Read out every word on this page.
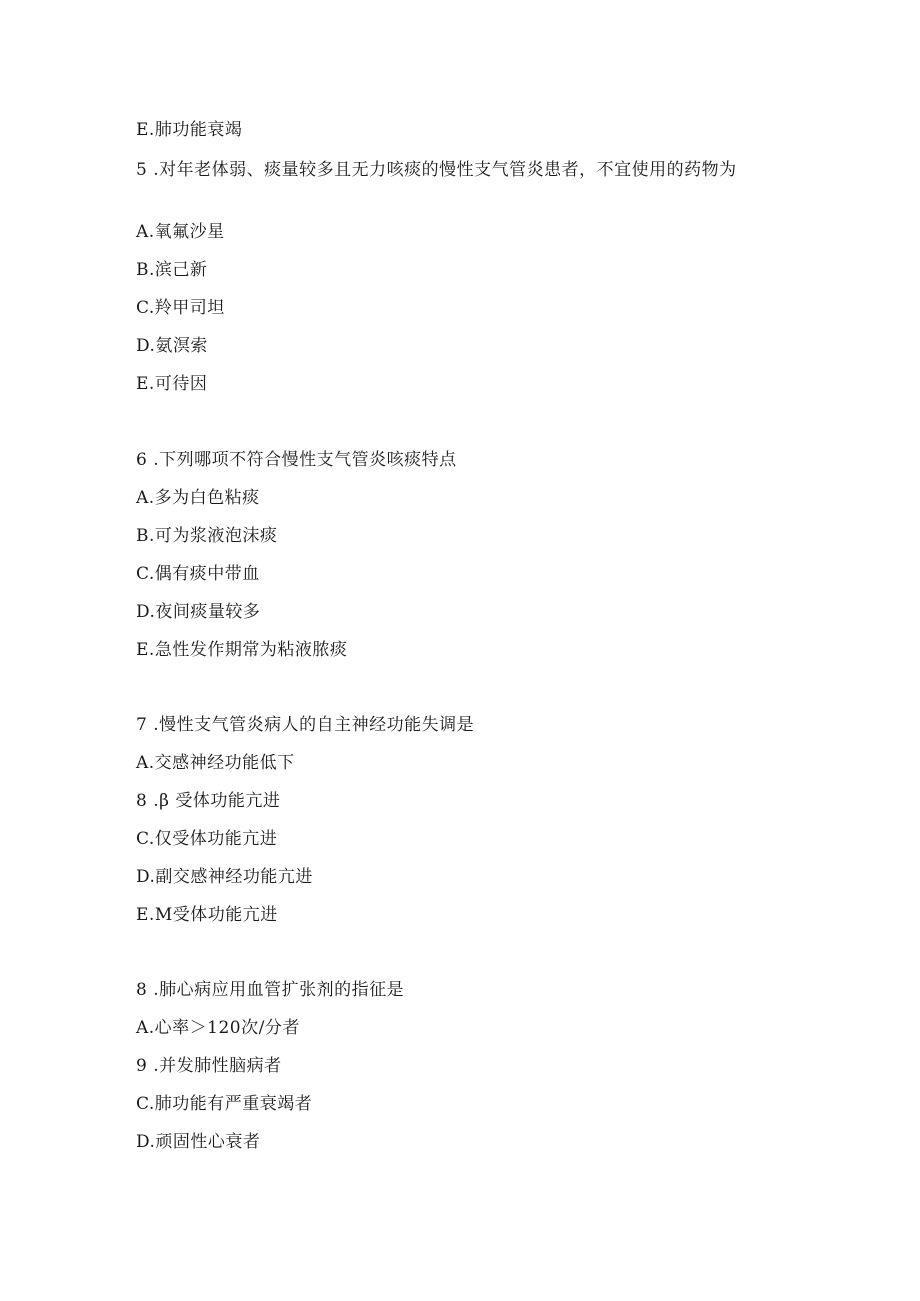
E.肺功能衰竭
5 .对年老体弱、痰量较多且无力咳痰的慢性支气管炎患者，不宜使用的药物为
A.氧氟沙星
B.滨己新
C.羚甲司坦
D.氨溟索
E.可待因
6 .下列哪项不符合慢性支气管炎咳痰特点
A.多为白色粘痰
B.可为浆液泡沫痰
C.偶有痰中带血
D.夜间痰量较多
E.急性发作期常为粘液脓痰
7 .慢性支气管炎病人的自主神经功能失调是
A.交感神经功能低下
8 .β 受体功能亢进
C.仅受体功能亢进
D.副交感神经功能亢进
E.M受体功能亢进
8 .肺心病应用血管扩张剂的指征是
A.心率＞120次/分者
9 .并发肺性脑病者
C.肺功能有严重衰竭者
D.顽固性心衰者
